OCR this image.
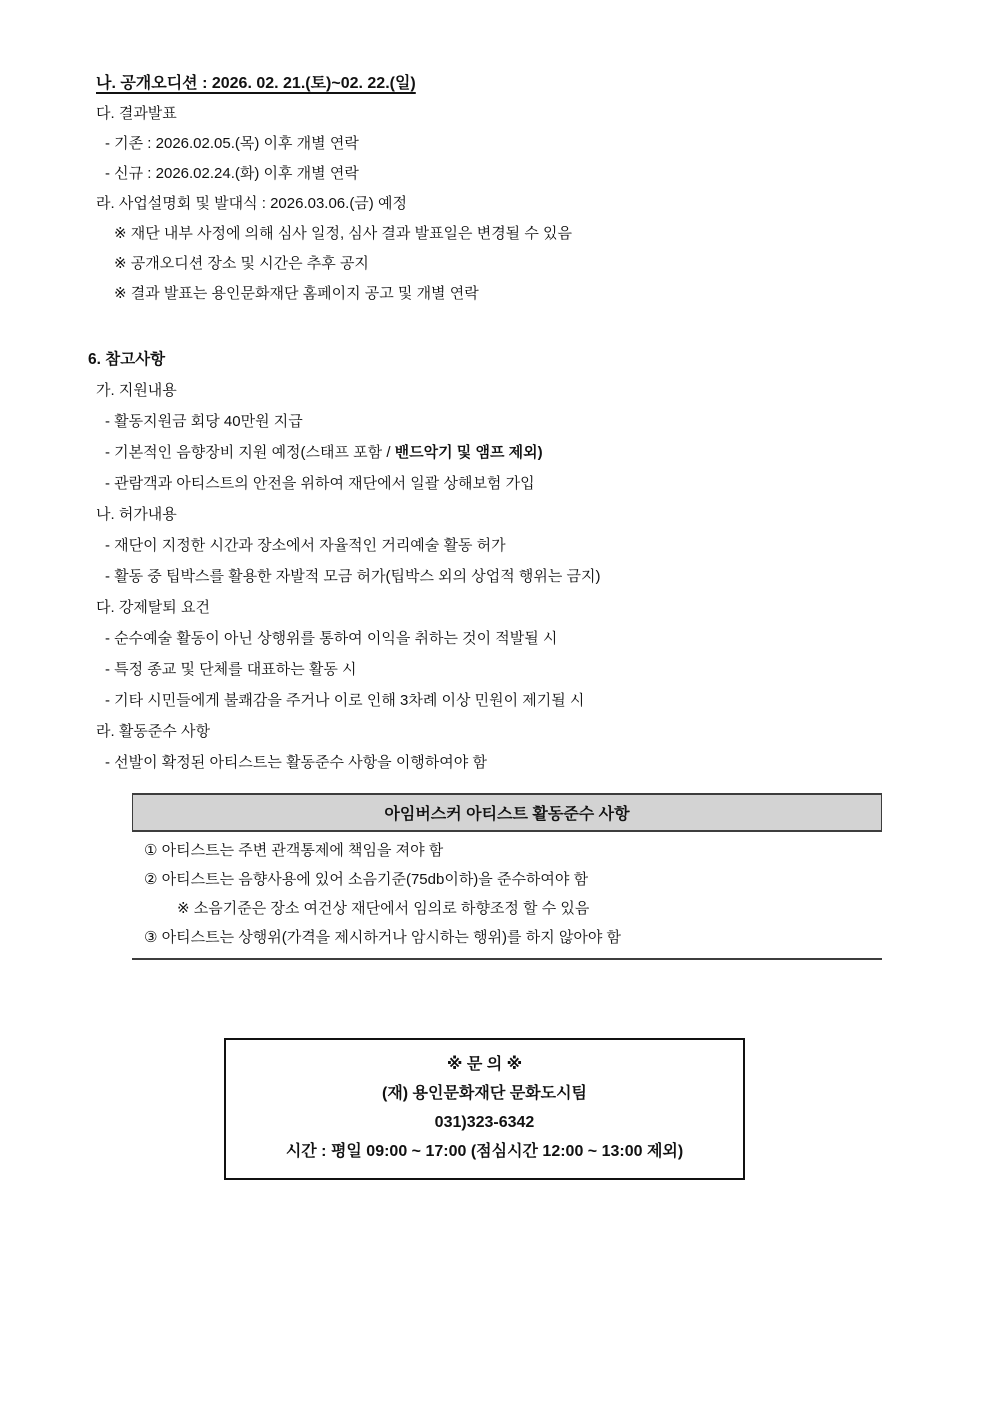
나. 공개오디션 : 2026. 02. 21.(토)~02. 22.(일)
다. 결과발표
- 기존 : 2026.02.05.(목) 이후 개별 연락
- 신규 : 2026.02.24.(화) 이후 개별 연락
라. 사업설명회 및 발대식 : 2026.03.06.(금) 예정
※ 재단 내부 사정에 의해 심사 일정, 심사 결과 발표일은 변경될 수 있음
※ 공개오디션 장소 및 시간은 추후 공지
※ 결과 발표는 용인문화재단 홈페이지 공고 및 개별 연락
6. 참고사항
가. 지원내용
- 활동지원금 회당 40만원 지급
- 기본적인 음향장비 지원 예정(스태프 포함 / 밴드악기 및 앰프 제외)
- 관람객과 아티스트의 안전을 위하여 재단에서 일괄 상해보험 가입
나. 허가내용
- 재단이 지정한 시간과 장소에서 자율적인 거리예술 활동 허가
- 활동 중 팁박스를 활용한 자발적 모금 허가(팁박스 외의 상업적 행위는 금지)
다. 강제탈퇴 요건
- 순수예술 활동이 아닌 상행위를 통하여 이익을 취하는 것이 적발될 시
- 특정 종교 및 단체를 대표하는 활동 시
- 기타 시민들에게 불쾌감을 주거나 이로 인해 3차례 이상 민원이 제기될 시
라. 활동준수 사항
- 선발이 확정된 아티스트는 활동준수 사항을 이행하여야 함
아임버스커 아티스트 활동준수 사항
① 아티스트는 주변 관객통제에 책임을 져야 함
② 아티스트는 음향사용에 있어 소음기준(75db이하)을 준수하여야 함
※ 소음기준은 장소 여건상 재단에서 임의로 하향조정 할 수 있음
③ 아티스트는 상행위(가격을 제시하거나 암시하는 행위)를 하지 않아야 함
※ 문 의 ※
(재) 용인문화재단 문화도시팀
031)323-6342
시간 : 평일 09:00 ~ 17:00 (점심시간 12:00 ~ 13:00 제외)
